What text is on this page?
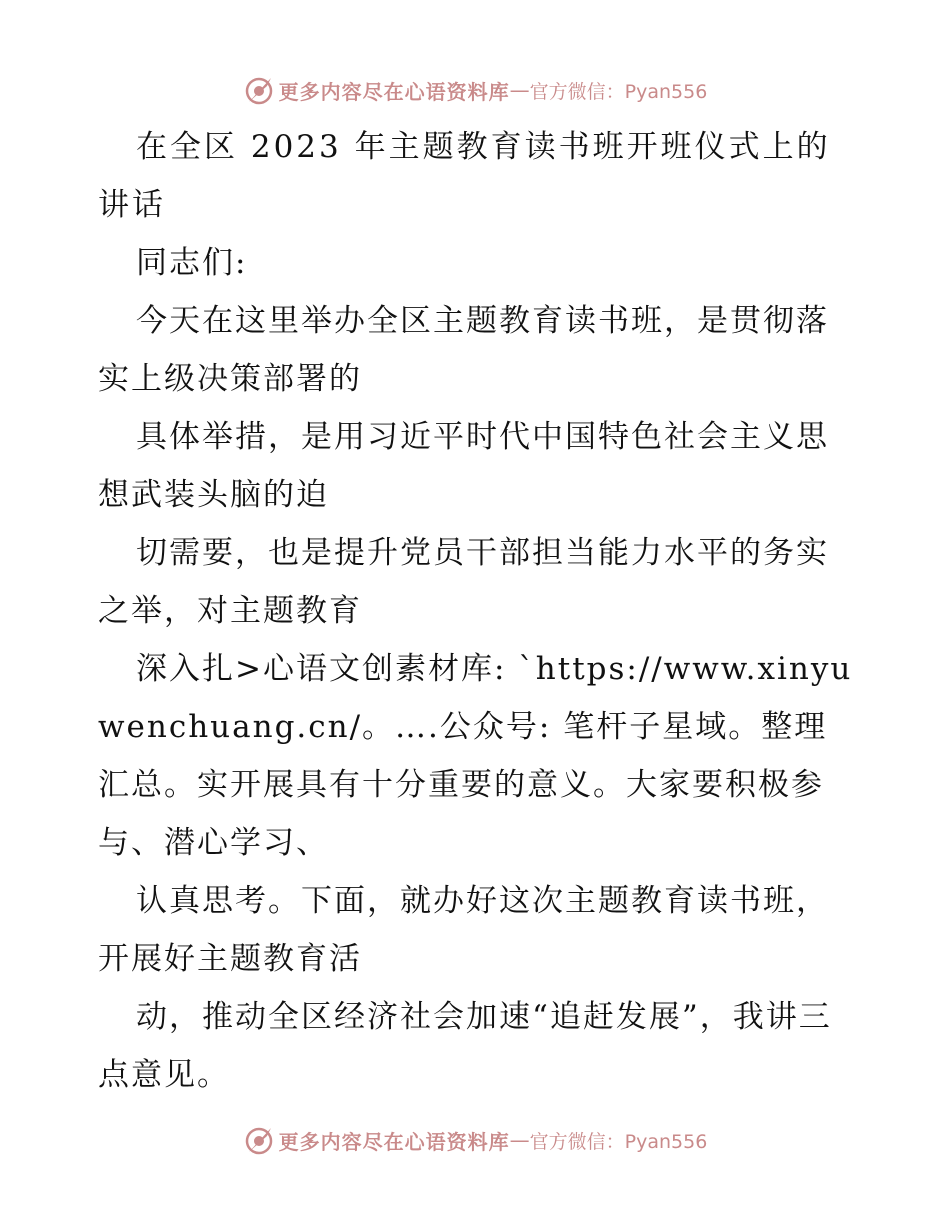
更多内容尽在心语资料库 — 官方微信：Pyan556

在全区 2023 年主题教育读书班开班仪式上的讲话

同志们:

今天在这里举办全区主题教育读书班，是贯彻落实上级决策部署的

具体举措，是用习近平时代中国特色社会主义思想武装头脑的迫

切需要，也是提升党员干部担当能力水平的务实之举，对主题教育

深入扎>心语文创素材库: `https://www.xinyuwenchuang.cn/。….公众号: 笔杆子星域。整理汇总。实开展具有十分重要的意义。大家要积极参与、潜心学习、

认真思考。下面，就办好这次主题教育读书班，开展好主题教育活

动，推动全区经济社会加速“追赶发展”，我讲三点意见。

更多内容尽在心语资料库 — 官方微信：Pyan556
